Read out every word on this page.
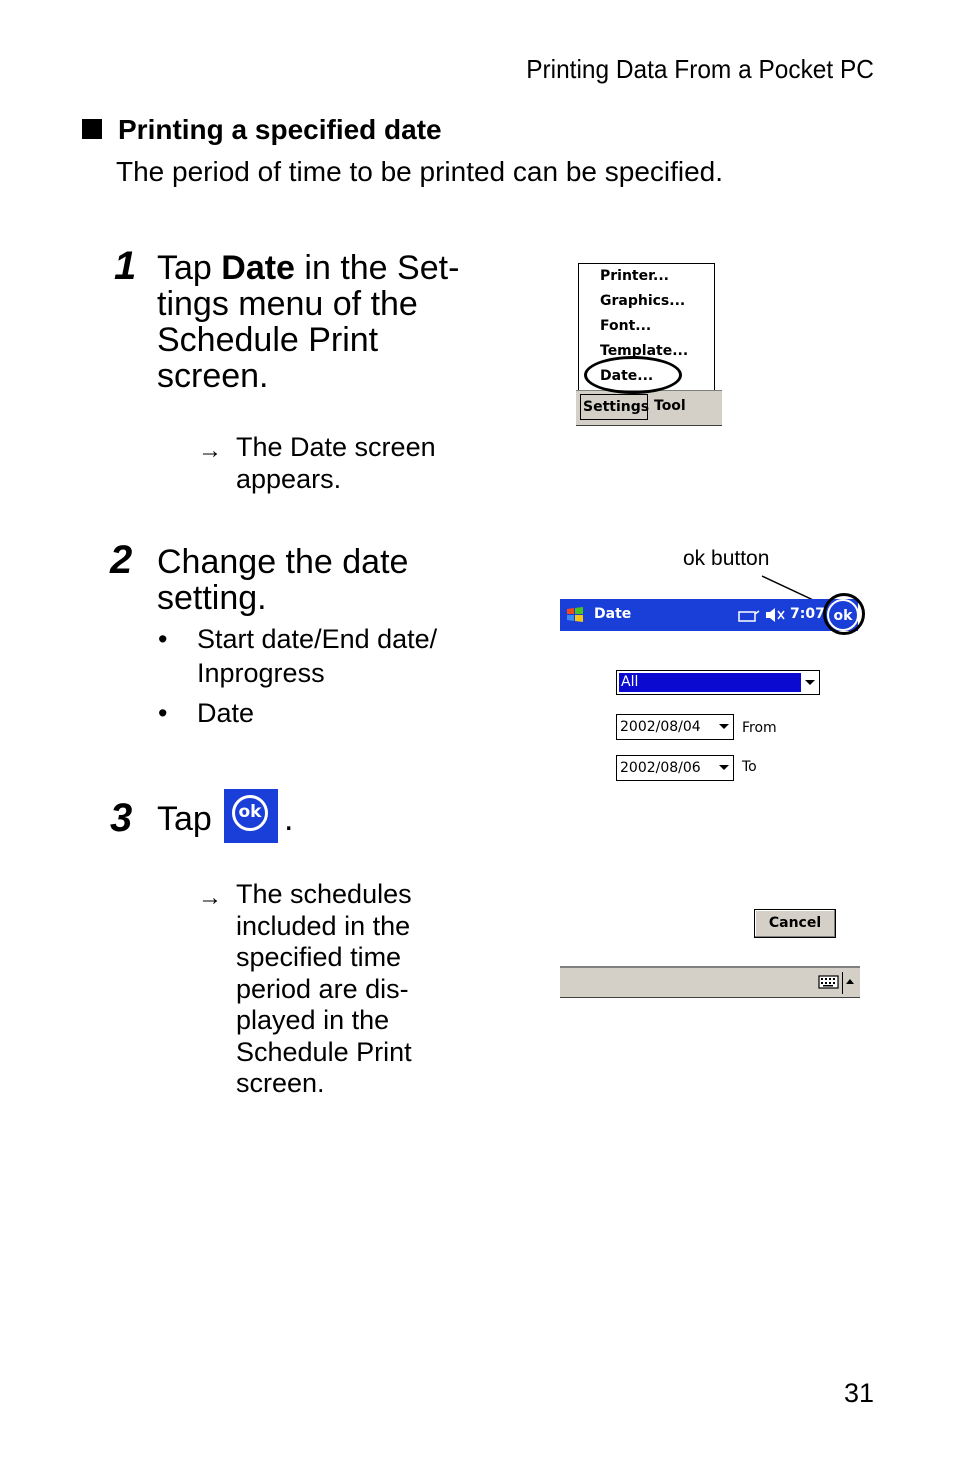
Printing Data From a Pocket PC
Printing a specified date
The period of time to be printed can be specified.
1 Tap Date in the Set-
tings menu of the
Schedule Print
screen.
→ The Date screen
appears.
Printer...
Graphics...
Font...
Template...
Date...
Settings Tool
2 Change the date
setting.
• Start date/End date/
Inprogress
• Date
ok button
Date	7:07 ok
All
2002/08/04	From
2002/08/06	To
Cancel
3 Tap	ok .
→ The schedules
included in the
specified time
period are dis-
played in the
Schedule Print
screen.
31
